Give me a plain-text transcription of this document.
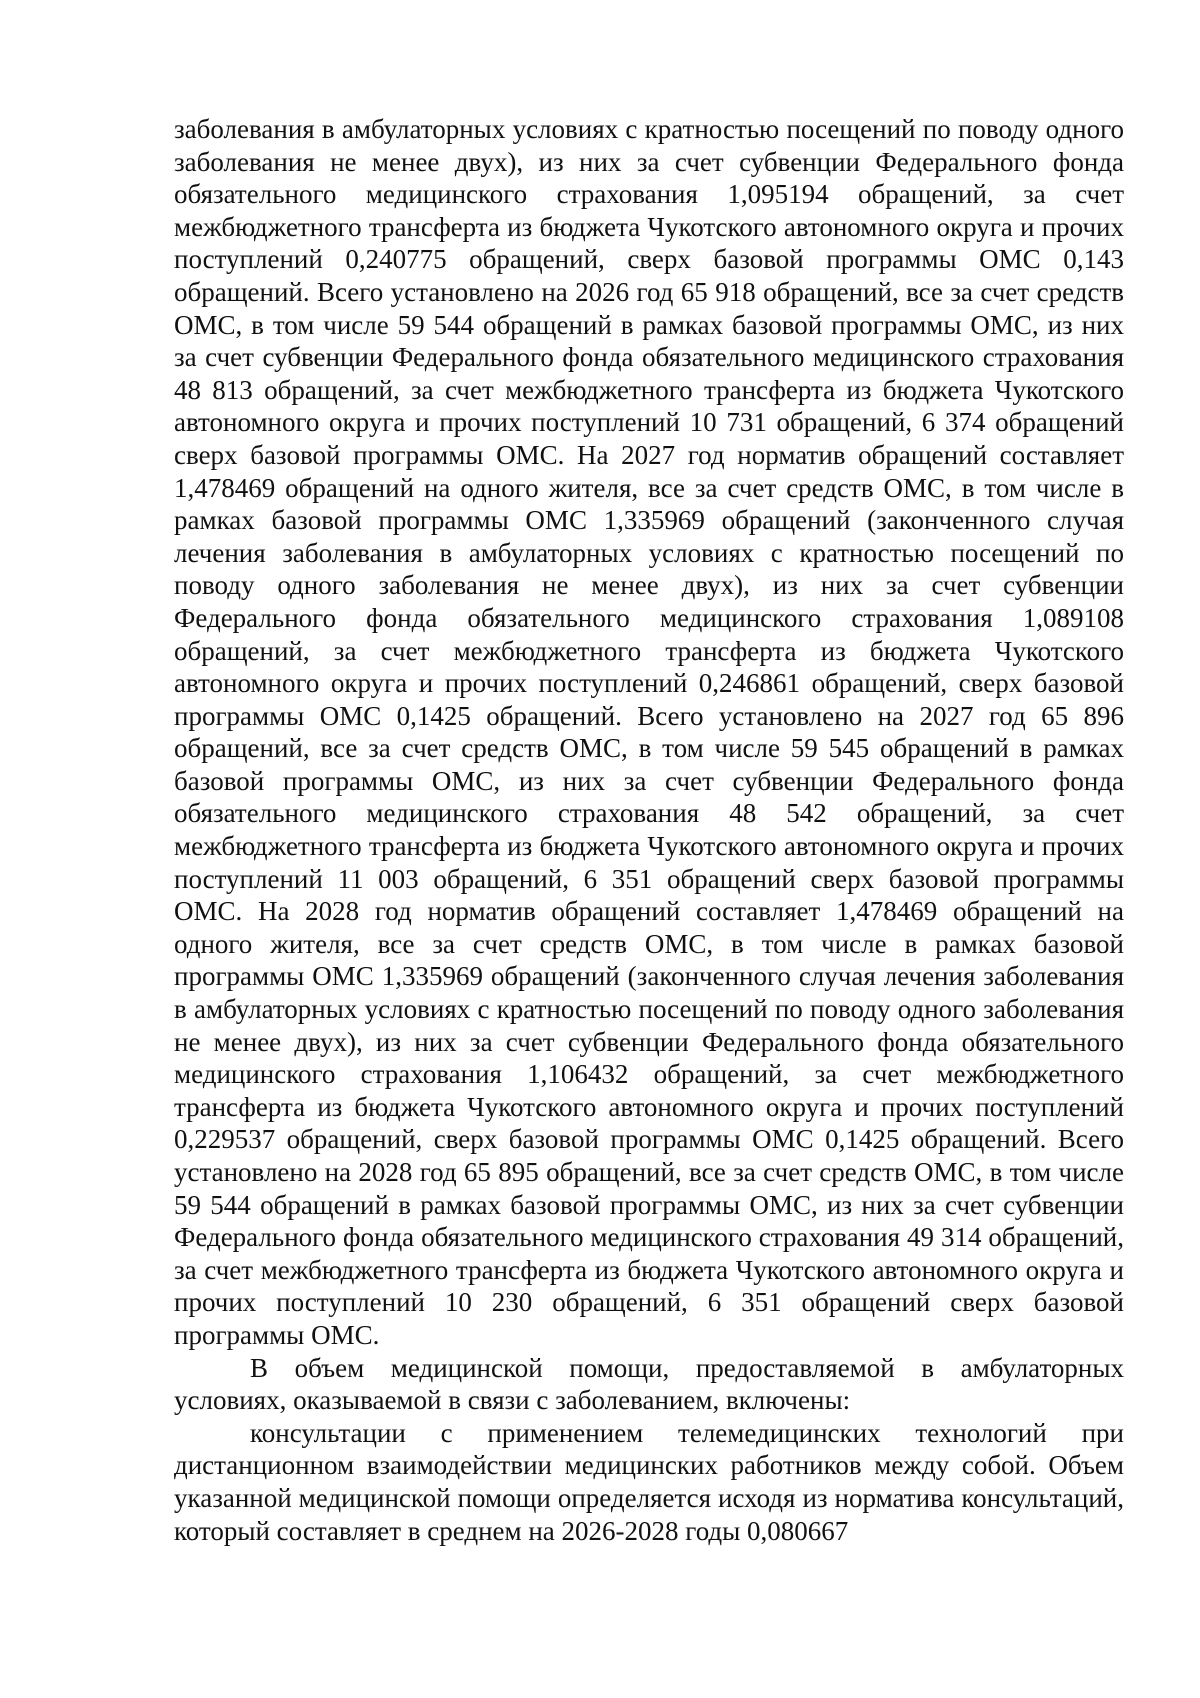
заболевания в амбулаторных условиях с кратностью посещений по поводу одного заболевания не менее двух), из них за счет субвенции Федерального фонда обязательного медицинского страхования 1,095194 обращений, за счет межбюджетного трансферта из бюджета Чукотского автономного округа и прочих поступлений 0,240775 обращений, сверх базовой программы ОМС 0,143 обращений. Всего установлено на 2026 год 65 918 обращений, все за счет средств ОМС, в том числе 59 544 обращений в рамках базовой программы ОМС, из них за счет субвенции Федерального фонда обязательного медицинского страхования 48 813 обращений, за счет межбюджетного трансферта из бюджета Чукотского автономного округа и прочих поступлений 10 731 обращений, 6 374 обращений сверх базовой программы ОМС. На 2027 год норматив обращений составляет 1,478469 обращений на одного жителя, все за счет средств ОМС, в том числе в рамках базовой программы ОМС 1,335969 обращений (законченного случая лечения заболевания в амбулаторных условиях с кратностью посещений по поводу одного заболевания не менее двух), из них за счет субвенции Федерального фонда обязательного медицинского страхования 1,089108 обращений, за счет межбюджетного трансферта из бюджета Чукотского автономного округа и прочих поступлений 0,246861 обращений, сверх базовой программы ОМС 0,1425 обращений. Всего установлено на 2027 год 65 896 обращений, все за счет средств ОМС, в том числе 59 545 обращений в рамках базовой программы ОМС, из них за счет субвенции Федерального фонда обязательного медицинского страхования 48 542 обращений, за счет межбюджетного трансферта из бюджета Чукотского автономного округа и прочих поступлений 11 003 обращений, 6 351 обращений сверх базовой программы ОМС. На 2028 год норматив обращений составляет 1,478469 обращений на одного жителя, все за счет средств ОМС, в том числе в рамках базовой программы ОМС 1,335969 обращений (законченного случая лечения заболевания в амбулаторных условиях с кратностью посещений по поводу одного заболевания не менее двух), из них за счет субвенции Федерального фонда обязательного медицинского страхования 1,106432 обращений, за счет межбюджетного трансферта из бюджета Чукотского автономного округа и прочих поступлений 0,229537 обращений, сверх базовой программы ОМС 0,1425 обращений. Всего установлено на 2028 год 65 895 обращений, все за счет средств ОМС, в том числе 59 544 обращений в рамках базовой программы ОМС, из них за счет субвенции Федерального фонда обязательного медицинского страхования 49 314 обращений, за счет межбюджетного трансферта из бюджета Чукотского автономного округа и прочих поступлений 10 230 обращений, 6 351 обращений сверх базовой программы ОМС.

В объем медицинской помощи, предоставляемой в амбулаторных условиях, оказываемой в связи с заболеванием, включены:

консультации с применением телемедицинских технологий при дистанционном взаимодействии медицинских работников между собой. Объем указанной медицинской помощи определяется исходя из норматива консультаций, который составляет в среднем на 2026-2028 годы 0,080667
